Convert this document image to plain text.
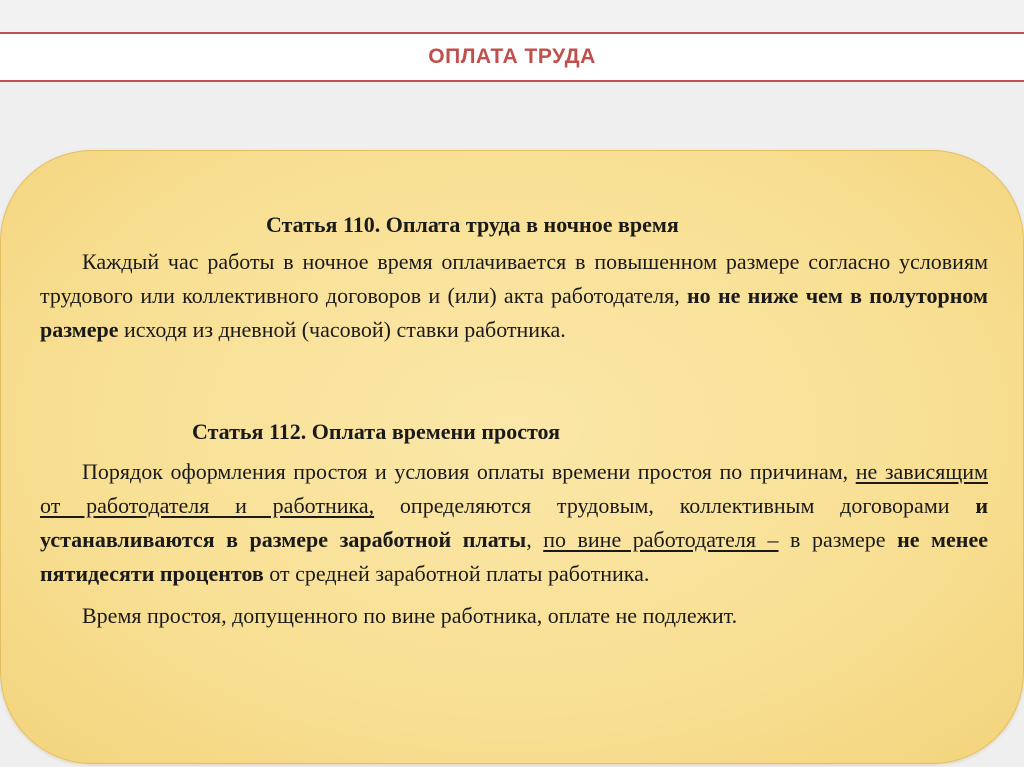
ОПЛАТА ТРУДА
Статья 110. Оплата труда в ночное время

Каждый час работы в ночное время оплачивается в повышенном размере согласно условиям трудового или коллективного договоров и (или) акта работодателя, но не ниже чем в полуторном размере исходя из дневной (часовой) ставки работника.

Статья 112. Оплата времени простоя

Порядок оформления простоя и условия оплаты времени простоя по причинам, не зависящим от работодателя и работника, определяются трудовым, коллективным договорами и устанавливаются в размере заработной платы, по вине работодателя – в размере не менее пятидесяти процентов от средней заработной платы работника.

Время простоя, допущенного по вине работника, оплате не подлежит.
